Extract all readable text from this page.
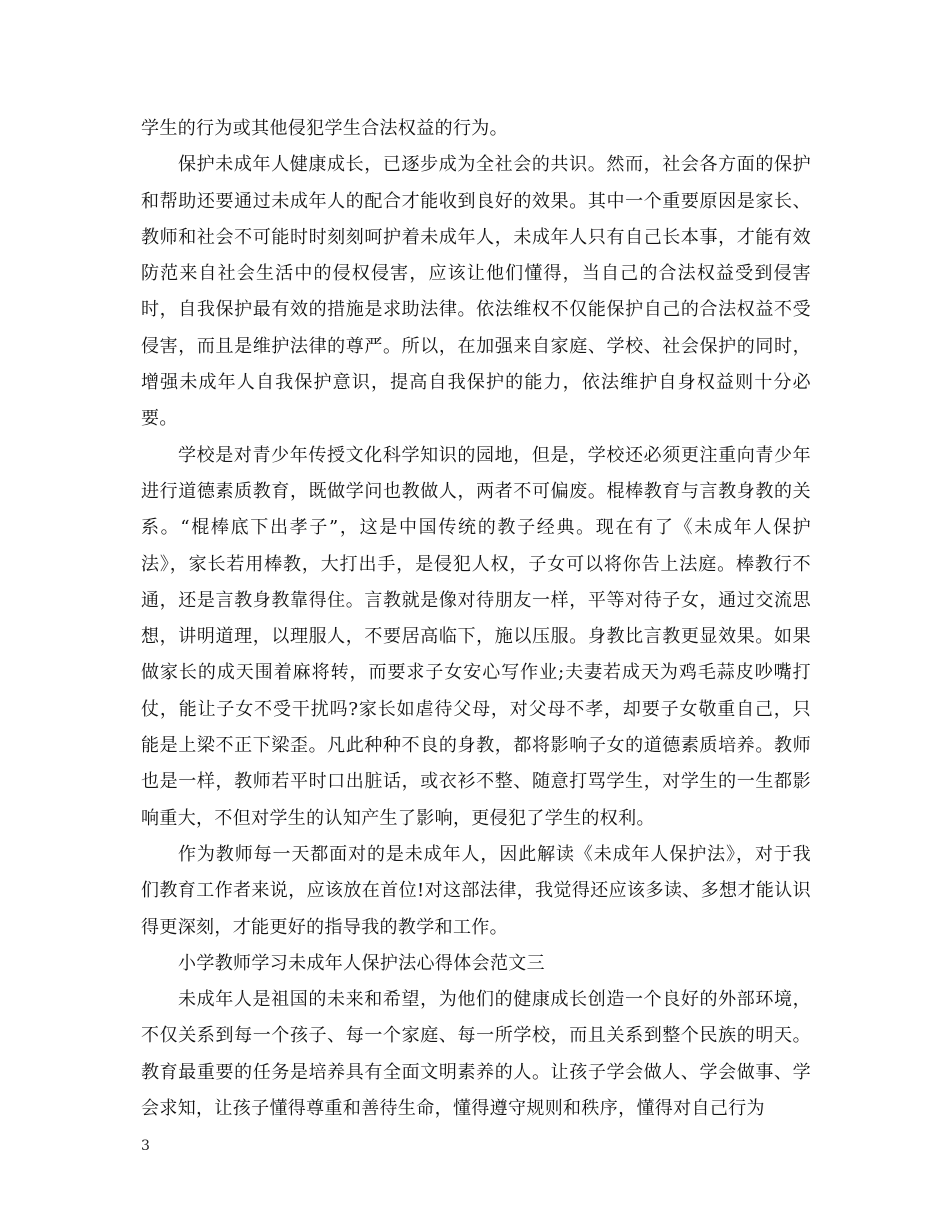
学生的行为或其他侵犯学生合法权益的行为。

保护未成年人健康成长，已逐步成为全社会的共识。然而，社会各方面的保护和帮助还要通过未成年人的配合才能收到良好的效果。其中一个重要原因是家长、教师和社会不可能时时刻刻呵护着未成年人，未成年人只有自己长本事，才能有效防范来自社会生活中的侵权侵害，应该让他们懂得，当自己的合法权益受到侵害时，自我保护最有效的措施是求助法律。依法维权不仅能保护自己的合法权益不受侵害，而且是维护法律的尊严。所以，在加强来自家庭、学校、社会保护的同时，增强未成年人自我保护意识，提高自我保护的能力，依法维护自身权益则十分必要。

学校是对青少年传授文化科学知识的园地，但是，学校还必须更注重向青少年进行道德素质教育，既做学问也教做人，两者不可偏废。棍棒教育与言教身教的关系。“棍棒底下出孝子”，这是中国传统的教子经典。现在有了《未成年人保护法》，家长若用棒教，大打出手，是侵犯人权，子女可以将你告上法庭。棒教行不通，还是言教身教靠得住。言教就是像对待朋友一样，平等对待子女，通过交流思想，讲明道理，以理服人，不要居高临下，施以压服。身教比言教更显效果。如果做家长的成天围着麻将转，而要求子女安心写作业;夫妻若成天为鸡毛蒜皮吵嘴打仗，能让子女不受干扰吗?家长如虐待父母，对父母不孝，却要子女敬重自己，只能是上梁不正下梁歪。凡此种种不良的身教，都将影响子女的道德素质培养。教师也是一样，教师若平时口出脏话，或衣衫不整、随意打骂学生，对学生的一生都影响重大，不但对学生的认知产生了影响，更侵犯了学生的权利。

作为教师每一天都面对的是未成年人，因此解读《未成年人保护法》，对于我们教育工作者来说，应该放在首位!对这部法律，我觉得还应该多读、多想才能认识得更深刻，才能更好的指导我的教学和工作。

小学教师学习未成年人保护法心得体会范文三

未成年人是祖国的未来和希望，为他们的健康成长创造一个良好的外部环境，不仅关系到每一个孩子、每一个家庭、每一所学校，而且关系到整个民族的明天。教育最重要的任务是培养具有全面文明素养的人。让孩子学会做人、学会做事、学会求知，让孩子懂得尊重和善待生命，懂得遵守规则和秩序，懂得对自己行为

3
